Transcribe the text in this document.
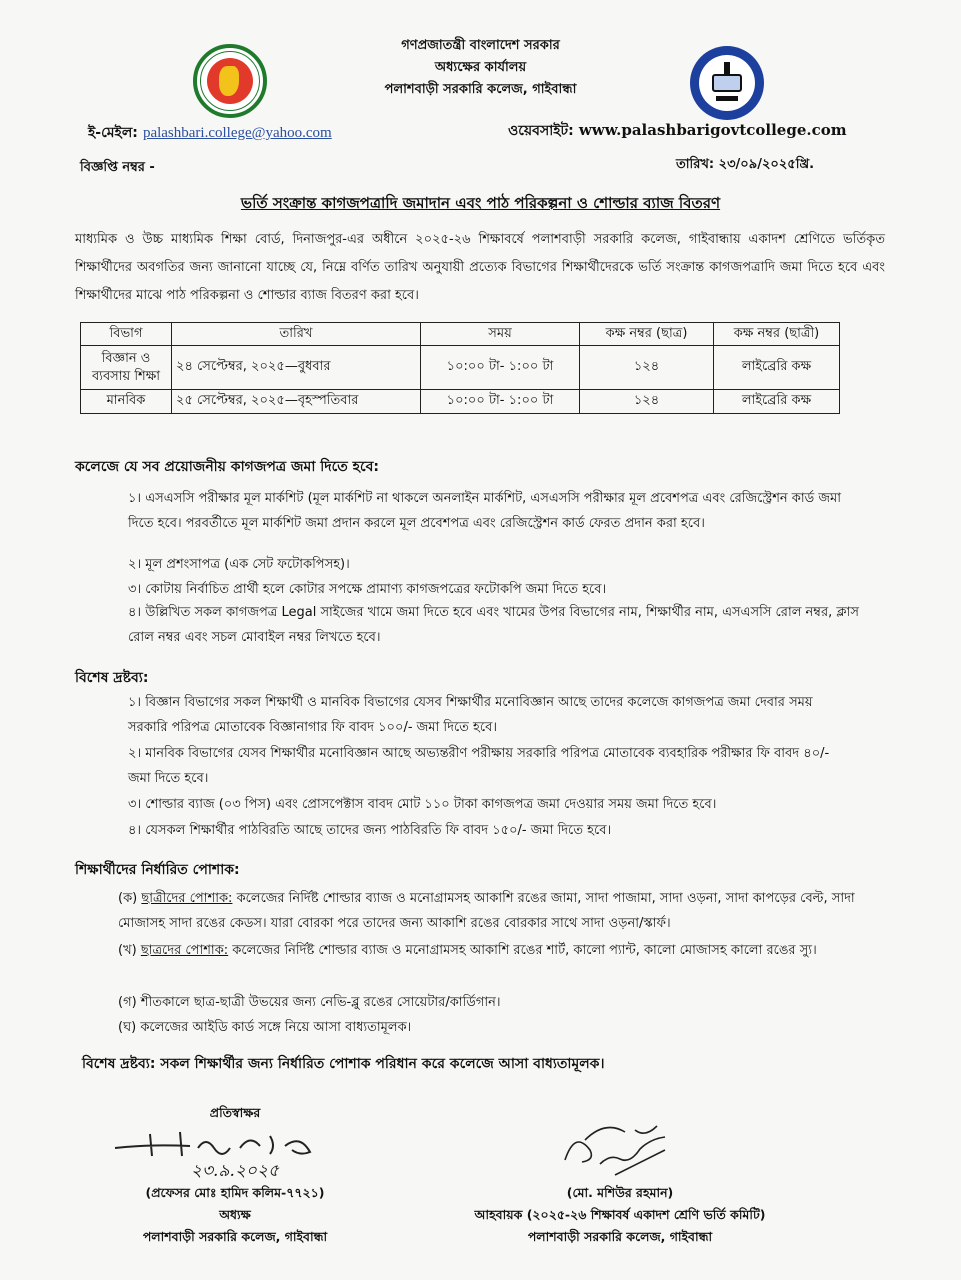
গণপ্রজাতন্ত্রী বাংলাদেশ সরকার
অধ্যক্ষের কার্যালয়
পলাশবাড়ী সরকারি কলেজ, গাইবান্ধা
ই-মেইল: palashbari.college@yahoo.com	ওয়েবসাইট: www.palashbarigovtcollege.com
বিজ্ঞপ্তি নম্বর -	তারিখ: ২৩/০৯/২০২৫খ্রি.
ভর্তি সংক্রান্ত কাগজপত্রাদি জমাদান এবং পাঠ পরিকল্পনা ও শোল্ডার ব্যাজ বিতরণ
মাধ্যমিক ও উচ্চ মাধ্যমিক শিক্ষা বোর্ড, দিনাজপুর-এর অধীনে ২০২৫-২৬ শিক্ষাবর্ষে পলাশবাড়ী সরকারি কলেজ, গাইবান্ধায় একাদশ শ্রেণিতে ভর্তিকৃত শিক্ষার্থীদের অবগতির জন্য জানানো যাচ্ছে যে, নিম্নে বর্ণিত তারিখ অনুযায়ী প্রত্যেক বিভাগের শিক্ষার্থীদেরকে ভর্তি সংক্রান্ত কাগজপত্রাদি জমা দিতে হবে এবং শিক্ষার্থীদের মাঝে পাঠ পরিকল্পনা ও শোল্ডার ব্যাজ বিতরণ করা হবে।
বিভাগ	তারিখ	সময়	কক্ষ নম্বর (ছাত্র)	কক্ষ নম্বর (ছাত্রী)
বিজ্ঞান ও ব্যবসায় শিক্ষা	২৪ সেপ্টেম্বর, ২০২৫—বুধবার	১০:০০ টা- ১:০০ টা	১২৪	লাইব্রেরি কক্ষ
মানবিক	২৫ সেপ্টেম্বর, ২০২৫—বৃহস্পতিবার	১০:০০ টা- ১:০০ টা	১২৪	লাইব্রেরি কক্ষ
কলেজে যে সব প্রয়োজনীয় কাগজপত্র জমা দিতে হবে:
১। এসএসসি পরীক্ষার মূল মার্কশিট (মূল মার্কশিট না থাকলে অনলাইন মার্কশিট, এসএসসি পরীক্ষার মূল প্রবেশপত্র এবং রেজিস্ট্রেশন কার্ড জমা দিতে হবে। পরবর্তীতে মূল মার্কশিট জমা প্রদান করলে মূল প্রবেশপত্র এবং রেজিস্ট্রেশন কার্ড ফেরত প্রদান করা হবে।
২। মূল প্রশংসাপত্র (এক সেট ফটোকপিসহ)।
৩। কোটায় নির্বাচিত প্রার্থী হলে কোটার সপক্ষে প্রামাণ্য কাগজপত্রের ফটোকপি জমা দিতে হবে।
৪। উল্লিখিত সকল কাগজপত্র Legal সাইজের খামে জমা দিতে হবে এবং খামের উপর বিভাগের নাম, শিক্ষার্থীর নাম, এসএসসি রোল নম্বর, ক্লাস রোল নম্বর এবং সচল মোবাইল নম্বর লিখতে হবে।
বিশেষ দ্রষ্টব্য:
১। বিজ্ঞান বিভাগের সকল শিক্ষার্থী ও মানবিক বিভাগের যেসব শিক্ষার্থীর মনোবিজ্ঞান আছে তাদের কলেজে কাগজপত্র জমা দেবার সময় সরকারি পরিপত্র মোতাবেক বিজ্ঞানাগার ফি বাবদ ১০০/- জমা দিতে হবে।
২। মানবিক বিভাগের যেসব শিক্ষার্থীর মনোবিজ্ঞান আছে অভ্যন্তরীণ পরীক্ষায় সরকারি পরিপত্র মোতাবেক ব্যবহারিক পরীক্ষার ফি বাবদ ৪০/- জমা দিতে হবে।
৩। শোল্ডার ব্যাজ (০৩ পিস) এবং প্রোসপেক্টাস বাবদ মোট ১১০ টাকা কাগজপত্র জমা দেওয়ার সময় জমা দিতে হবে।
৪। যেসকল শিক্ষার্থীর পাঠবিরতি আছে তাদের জন্য পাঠবিরতি ফি বাবদ ১৫০/- জমা দিতে হবে।
শিক্ষার্থীদের নির্ধারিত পোশাক:
(ক) ছাত্রীদের পোশাক: কলেজের নির্দিষ্ট শোল্ডার ব্যাজ ও মনোগ্রামসহ আকাশি রঙের জামা, সাদা পাজামা, সাদা ওড়না, সাদা কাপড়ের বেল্ট, সাদা মোজাসহ সাদা রঙের কেডস। যারা বোরকা পরে তাদের জন্য আকাশি রঙের বোরকার সাথে সাদা ওড়না/স্কার্ফ।
(খ) ছাত্রদের পোশাক: কলেজের নির্দিষ্ট শোল্ডার ব্যাজ ও মনোগ্রামসহ আকাশি রঙের শার্ট, কালো প্যান্ট, কালো মোজাসহ কালো রঙের স্যু।
(গ) শীতকালে ছাত্র-ছাত্রী উভয়ের জন্য নেভি-ব্লু রঙের সোয়েটার/কার্ডিগান।
(ঘ) কলেজের আইডি কার্ড সঙ্গে নিয়ে আসা বাধ্যতামূলক।
বিশেষ দ্রষ্টব্য: সকল শিক্ষার্থীর জন্য নির্ধারিত পোশাক পরিধান করে কলেজে আসা বাধ্যতামূলক।
প্রতিস্বাক্ষর
২৩.৯.২০২৫
(প্রফেসর মোঃ হামিদ কলিম-৭৭২১)
অধ্যক্ষ
পলাশবাড়ী সরকারি কলেজ, গাইবান্ধা
(মো. মশিউর রহমান)
আহবায়ক (২০২৫-২৬ শিক্ষাবর্ষ একাদশ শ্রেণি ভর্তি কমিটি)
পলাশবাড়ী সরকারি কলেজ, গাইবান্ধা
